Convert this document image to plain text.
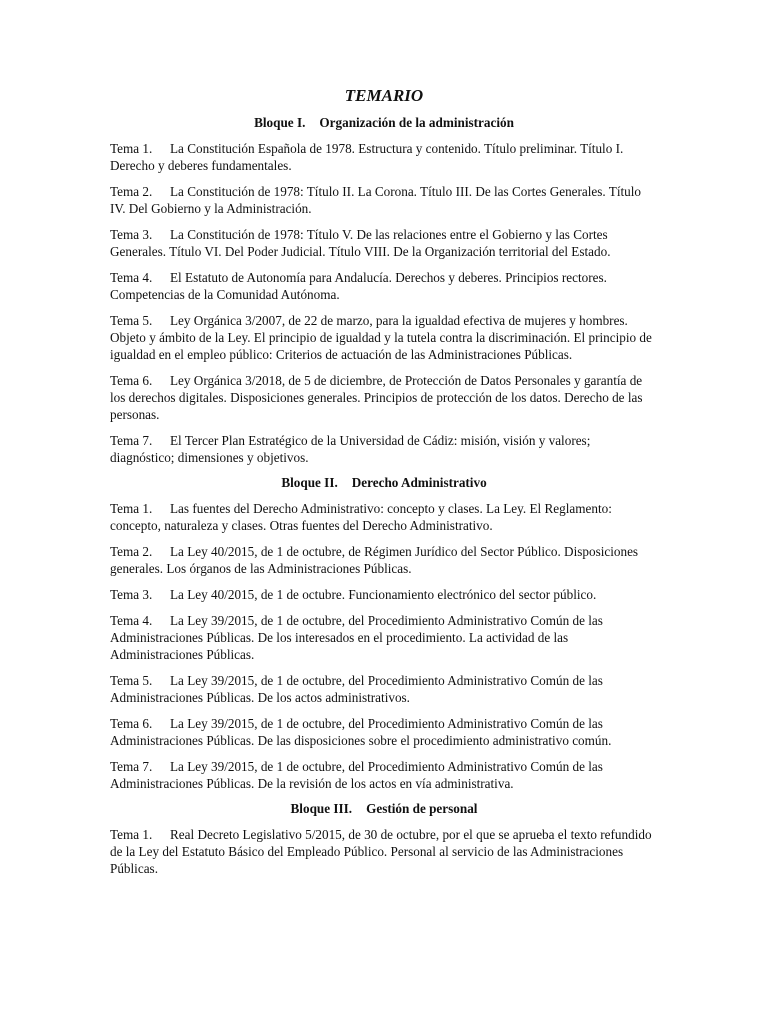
TEMARIO
Bloque I. Organización de la administración
Tema 1. La Constitución Española de 1978. Estructura y contenido. Título preliminar. Título I. Derecho y deberes fundamentales.
Tema 2. La Constitución de 1978: Título II. La Corona. Título III. De las Cortes Generales. Título IV. Del Gobierno y la Administración.
Tema 3. La Constitución de 1978: Título V. De las relaciones entre el Gobierno y las Cortes Generales. Título VI. Del Poder Judicial. Título VIII. De la Organización territorial del Estado.
Tema 4. El Estatuto de Autonomía para Andalucía. Derechos y deberes. Principios rectores. Competencias de la Comunidad Autónoma.
Tema 5. Ley Orgánica 3/2007, de 22 de marzo, para la igualdad efectiva de mujeres y hombres. Objeto y ámbito de la Ley. El principio de igualdad y la tutela contra la discriminación. El principio de igualdad en el empleo público: Criterios de actuación de las Administraciones Públicas.
Tema 6. Ley Orgánica 3/2018, de 5 de diciembre, de Protección de Datos Personales y garantía de los derechos digitales. Disposiciones generales. Principios de protección de los datos. Derecho de las personas.
Tema 7. El Tercer Plan Estratégico de la Universidad de Cádiz: misión, visión y valores; diagnóstico; dimensiones y objetivos.
Bloque II. Derecho Administrativo
Tema 1. Las fuentes del Derecho Administrativo: concepto y clases. La Ley. El Reglamento: concepto, naturaleza y clases. Otras fuentes del Derecho Administrativo.
Tema 2. La Ley 40/2015, de 1 de octubre, de Régimen Jurídico del Sector Público. Disposiciones generales. Los órganos de las Administraciones Públicas.
Tema 3. La Ley 40/2015, de 1 de octubre. Funcionamiento electrónico del sector público.
Tema 4. La Ley 39/2015, de 1 de octubre, del Procedimiento Administrativo Común de las Administraciones Públicas. De los interesados en el procedimiento. La actividad de las Administraciones Públicas.
Tema 5. La Ley 39/2015, de 1 de octubre, del Procedimiento Administrativo Común de las Administraciones Públicas. De los actos administrativos.
Tema 6. La Ley 39/2015, de 1 de octubre, del Procedimiento Administrativo Común de las Administraciones Públicas. De las disposiciones sobre el procedimiento administrativo común.
Tema 7. La Ley 39/2015, de 1 de octubre, del Procedimiento Administrativo Común de las Administraciones Públicas. De la revisión de los actos en vía administrativa.
Bloque III. Gestión de personal
Tema 1. Real Decreto Legislativo 5/2015, de 30 de octubre, por el que se aprueba el texto refundido de la Ley del Estatuto Básico del Empleado Público. Personal al servicio de las Administraciones Públicas.
